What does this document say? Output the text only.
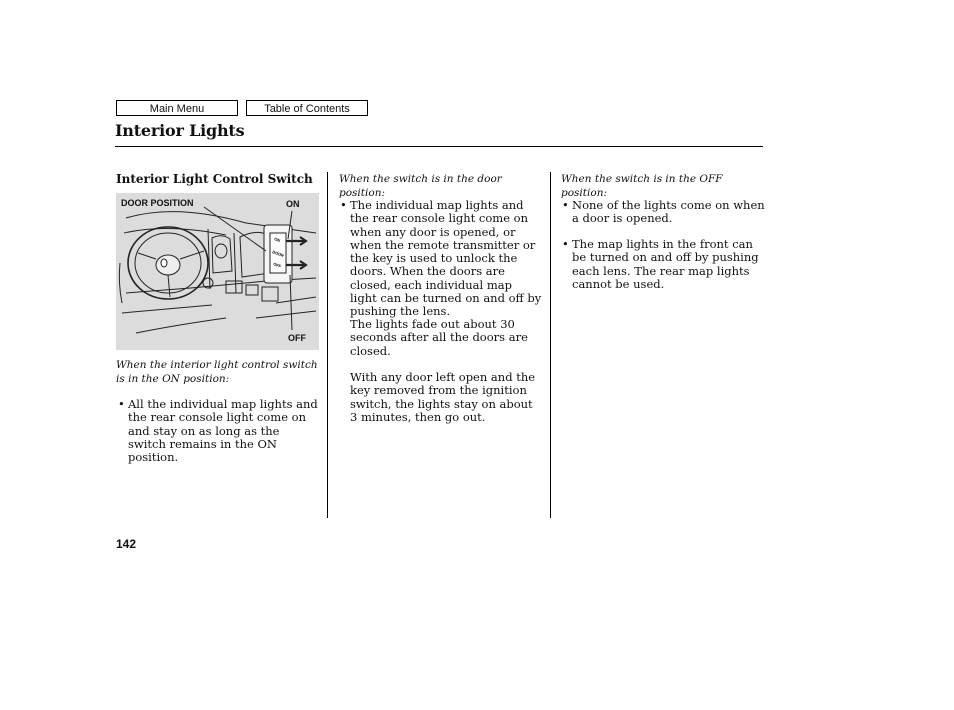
Main Menu	Table of Contents
Interior Lights
Interior Light Control Switch
ON
DOOR
OFF
DOOR POSITION	ON
OFF
When the interior light control switch is in the ON position:
• All the individual map lights and the rear console light come on and stay on as long as the switch remains in the ON position.
When the switch is in the door position:
• The individual map lights and the rear console light come on when any door is opened, or when the remote transmitter or the key is used to unlock the doors. When the doors are closed, each individual map light can be turned on and off by pushing the lens.
The lights fade out about 30 seconds after all the doors are closed.
With any door left open and the key removed from the ignition switch, the lights stay on about 3 minutes, then go out.
When the switch is in the OFF position:
• None of the lights come on when a door is opened.
• The map lights in the front can be turned on and off by pushing each lens. The rear map lights cannot be used.
142
